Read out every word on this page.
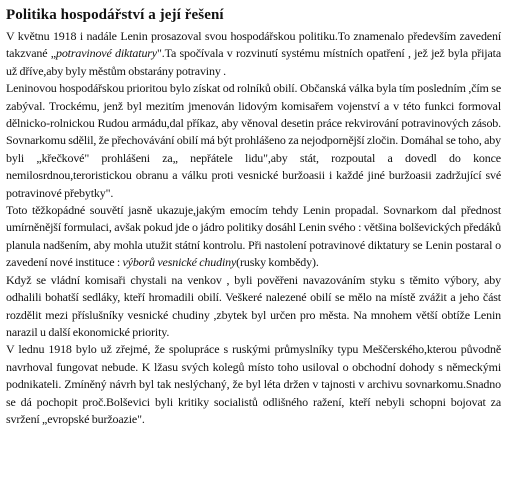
Politika hospodářství a její řešení

V květnu 1918 i nadále Lenin prosazoval svou hospodářskou politiku.To znamenalo především zavedení takzvané „potravinové diktatury".Ta spočívala v rozvinutí systému místních opatření , jež jež byla přijata už dříve,aby byly městům obstarány potraviny .

Leninovou hospodářskou prioritou bylo získat od rolníků obilí. Občanská válka byla tím posledním ,čím se zabýval. Trockému, jenž byl mezitím jmenován lidovým komisařem vojenství a v této funkci formoval dělnicko-rolnickou Rudou armádu,dal příkaz, aby věnoval desetin práce rekvirování potravinových zásob. Sovnarkomu sdělil, že přechovávání obilí má být prohlášeno za nejodpornější zločin. Domáhal se toho, aby byli „křečkové" prohlášeni za„ nepřátele lidu",aby stát, rozpoutal a dovedl do konce nemilosrdnou,teroristickou obranu a válku proti vesnické buržoasii i každé jiné buržoasii zadržující své potravinové přebytky".

Toto těžkopádné souvětí jasně ukazuje,jakým emocím tehdy Lenin propadal. Sovnarkom dal přednost umírněnější formulaci, avšak pokud jde o jádro politiky dosáhl Lenin svého : většina bolševických předáků planula nadšením, aby mohla utužit státní kontrolu. Při nastolení potravinové diktatury se Lenin postaral o zavedení nové instituce : výborů vesnické chudiny(rusky kombědy).

Když se vládní komisaři chystali na venkov , byli pověřeni navazováním styku s těmito výbory, aby odhalili bohatší sedláky, kteří hromadili obilí. Veškeré nalezené obilí se mělo na místě zvážit a jeho část rozdělit mezi příslušníky vesnické chudiny ,zbytek byl určen pro města. Na mnohem větší obtíže Lenin narazil u další ekonomické priority.

V lednu 1918 bylo už zřejmé, že spolupráce s ruskými průmyslníky typu Meščerského,kterou původně navrhoval fungovat nebude. K lžasu svých kolegů místo toho usiloval o obchodní dohody s německými podnikateli. Zmíněný návrh byl tak neslýchaný, že byl léta držen v tajnosti v archivu sovnarkomu.Snadno se dá pochopit proč.Bolševici byli kritiky socialistů odlišného ražení, kteří nebyli schopni bojovat za svržení „evropské buržoazie".
